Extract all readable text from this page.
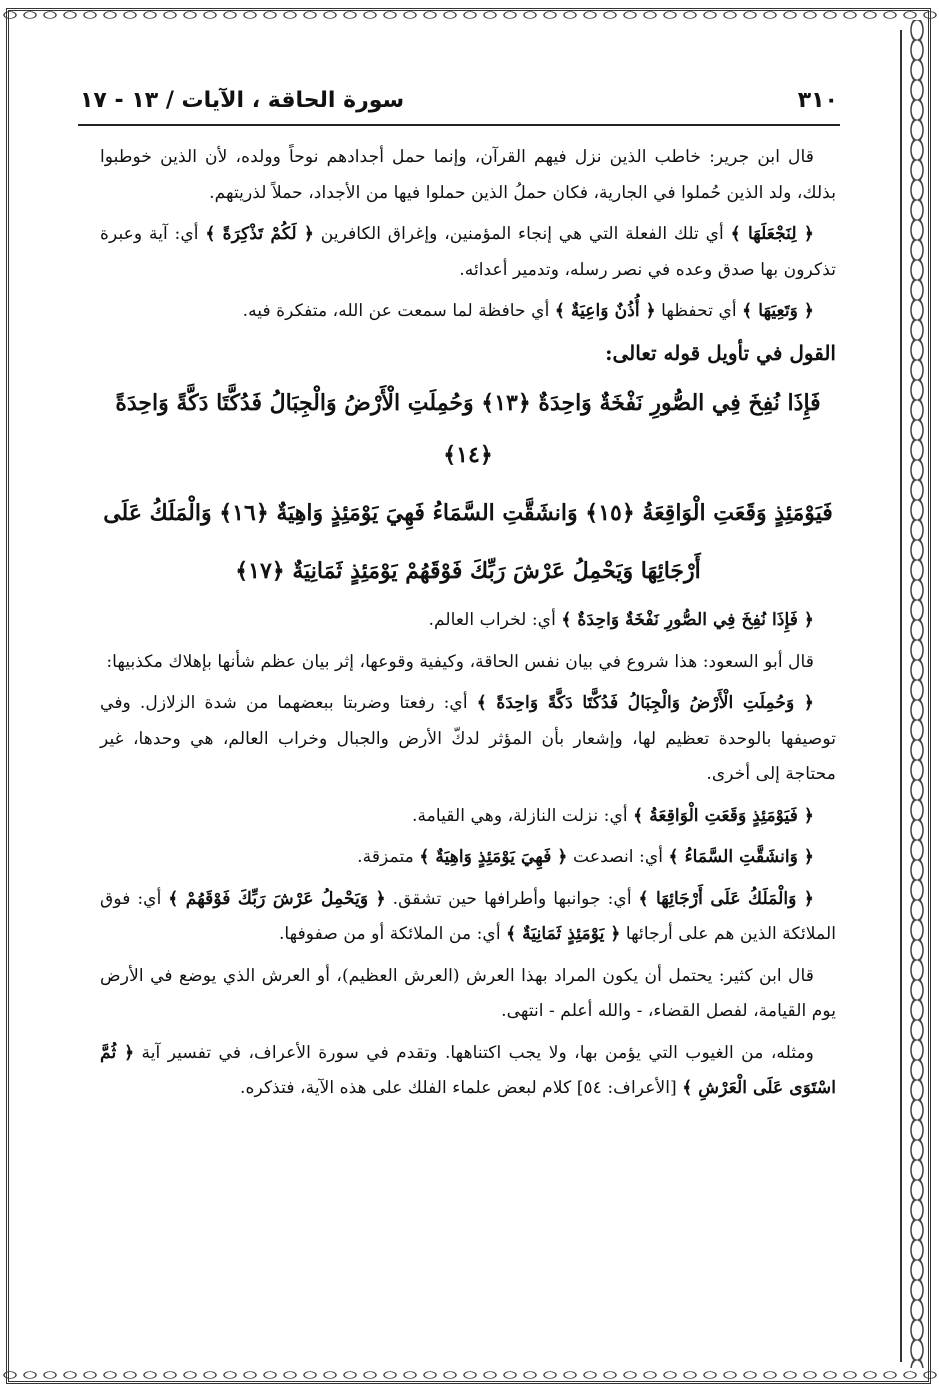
٣١٠
سورة الحاقة ، الآيات / ١٣ - ١٧

قال ابن جرير: خاطب الذين نزل فيهم القرآن، وإنما حمل أجدادهم نوحاً وولده، لأن الذين خوطبوا بذلك، ولد الذين حُملوا في الجارية، فكان حملُ الذين حملوا فيها من الأجداد، حملاً لذريتهم.

﴿ لِنَجْعَلَهَا ﴾ أي تلك الفعلة التي هي إنجاء المؤمنين، وإغراق الكافرين ﴿ لَكُمْ تَذْكِرَةً ﴾ أي: آية وعبرة تذكرون بها صدق وعده في نصر رسله، وتدمير أعدائه.

﴿ وَتَعِيَهَا ﴾ أي تحفظها ﴿ أُذُنٌ وَاعِيَةٌ ﴾ أي حافظة لما سمعت عن الله، متفكرة فيه.

القول في تأويل قوله تعالى:

فَإِذَا نُفِخَ فِي الصُّورِ نَفْخَةٌ وَاحِدَةٌ ﴿١٣﴾ وَحُمِلَتِ الْأَرْضُ وَالْجِبَالُ فَدُكَّتَا دَكَّةً وَاحِدَةً ﴿١٤﴾

فَيَوْمَئِذٍ وَقَعَتِ الْوَاقِعَةُ ﴿١٥﴾ وَانشَقَّتِ السَّمَاءُ فَهِيَ يَوْمَئِذٍ وَاهِيَةٌ ﴿١٦﴾ وَالْمَلَكُ عَلَى

أَرْجَائِهَا وَيَحْمِلُ عَرْشَ رَبِّكَ فَوْقَهُمْ يَوْمَئِذٍ ثَمَانِيَةٌ ﴿١٧﴾

﴿ فَإِذَا نُفِخَ فِي الصُّورِ نَفْخَةٌ وَاحِدَةٌ ﴾ أي: لخراب العالم.

قال أبو السعود: هذا شروع في بيان نفس الحاقة، وكيفية وقوعها، إثر بيان عظم شأنها بإهلاك مكذبيها:

﴿ وَحُمِلَتِ الْأَرْضُ وَالْجِبَالُ فَدُكَّتَا دَكَّةً وَاحِدَةً ﴾ أي: رفعتا وضربتا ببعضهما من شدة الزلازل. وفي توصيفها بالوحدة تعظيم لها، وإشعار بأن المؤثر لدكّ الأرض والجبال وخراب العالم، هي وحدها، غير محتاجة إلى أخرى.

﴿ فَيَوْمَئِذٍ وَقَعَتِ الْوَاقِعَةُ ﴾ أي: نزلت النازلة، وهي القيامة.

﴿ وَانشَقَّتِ السَّمَاءُ ﴾ أي: انصدعت ﴿ فَهِيَ يَوْمَئِذٍ وَاهِيَةٌ ﴾ متمزقة.

﴿ وَالْمَلَكُ عَلَى أَرْجَائِهَا ﴾ أي: جوانبها وأطرافها حين تشقق. ﴿ وَيَحْمِلُ عَرْشَ رَبِّكَ فَوْقَهُمْ ﴾ أي: فوق الملائكة الذين هم على أرجائها ﴿ يَوْمَئِذٍ ثَمَانِيَةٌ ﴾ أي: من الملائكة أو من صفوفها.

قال ابن كثير: يحتمل أن يكون المراد بهذا العرش (العرش العظيم)، أو العرش الذي يوضع في الأرض يوم القيامة، لفصل القضاء، - والله أعلم - انتهى.

ومثله، من الغيوب التي يؤمن بها، ولا يجب اكتناهها. وتقدم في سورة الأعراف، في تفسير آية ﴿ ثُمَّ اسْتَوَى عَلَى الْعَرْشِ ﴾ [الأعراف: ٥٤] كلام لبعض علماء الفلك على هذه الآية، فتذكره.
